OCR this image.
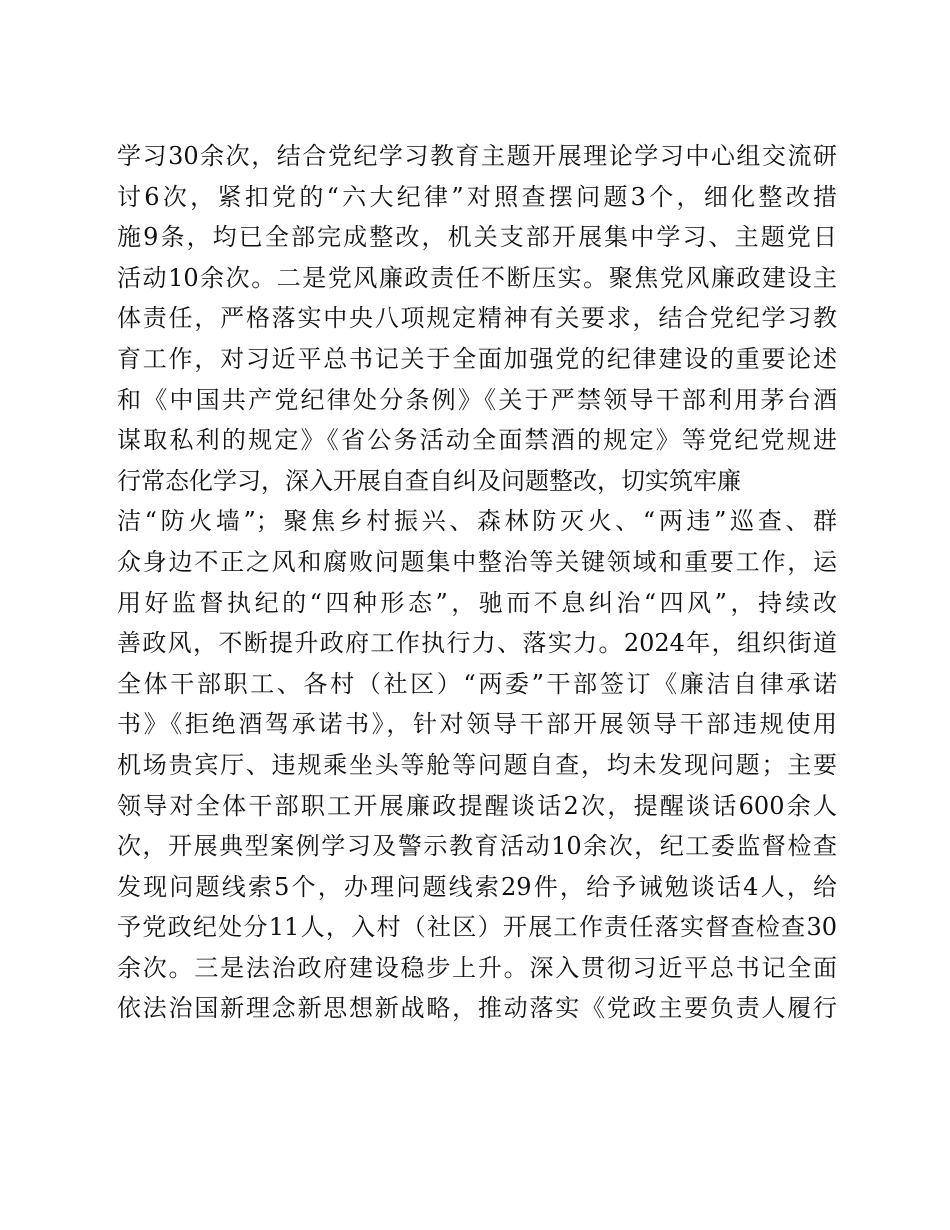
学习30余次，结合党纪学习教育主题开展理论学习中心组交流研
讨6次，紧扣党的“六大纪律”对照查摆问题3个，细化整改措
施9条，均已全部完成整改，机关支部开展集中学习、主题党日
活动10余次。二是党风廉政责任不断压实。聚焦党风廉政建设主
体责任，严格落实中央八项规定精神有关要求，结合党纪学习教
育工作，对习近平总书记关于全面加强党的纪律建设的重要论述
和《中国共产党纪律处分条例》《关于严禁领导干部利用茅台酒
谋取私利的规定》《省公务活动全面禁酒的规定》等党纪党规进
行常态化学习，深入开展自查自纠及问题整改，切实筑牢廉
洁“防火墙”；聚焦乡村振兴、森林防灭火、“两违”巡查、群
众身边不正之风和腐败问题集中整治等关键领域和重要工作，运
用好监督执纪的“四种形态”，驰而不息纠治“四风”，持续改
善政风，不断提升政府工作执行力、落实力。2024年，组织街道
全体干部职工、各村（社区）“两委”干部签订《廉洁自律承诺
书》《拒绝酒驾承诺书》，针对领导干部开展领导干部违规使用
机场贵宾厅、违规乘坐头等舱等问题自查，均未发现问题；主要
领导对全体干部职工开展廉政提醒谈话2次，提醒谈话600余人
次，开展典型案例学习及警示教育活动10余次，纪工委监督检查
发现问题线索5个，办理问题线索29件，给予诫勉谈话4人，给
予党政纪处分11人，入村（社区）开展工作责任落实督查检查30
余次。三是法治政府建设稳步上升。深入贯彻习近平总书记全面
依法治国新理念新思想新战略，推动落实《党政主要负责人履行
